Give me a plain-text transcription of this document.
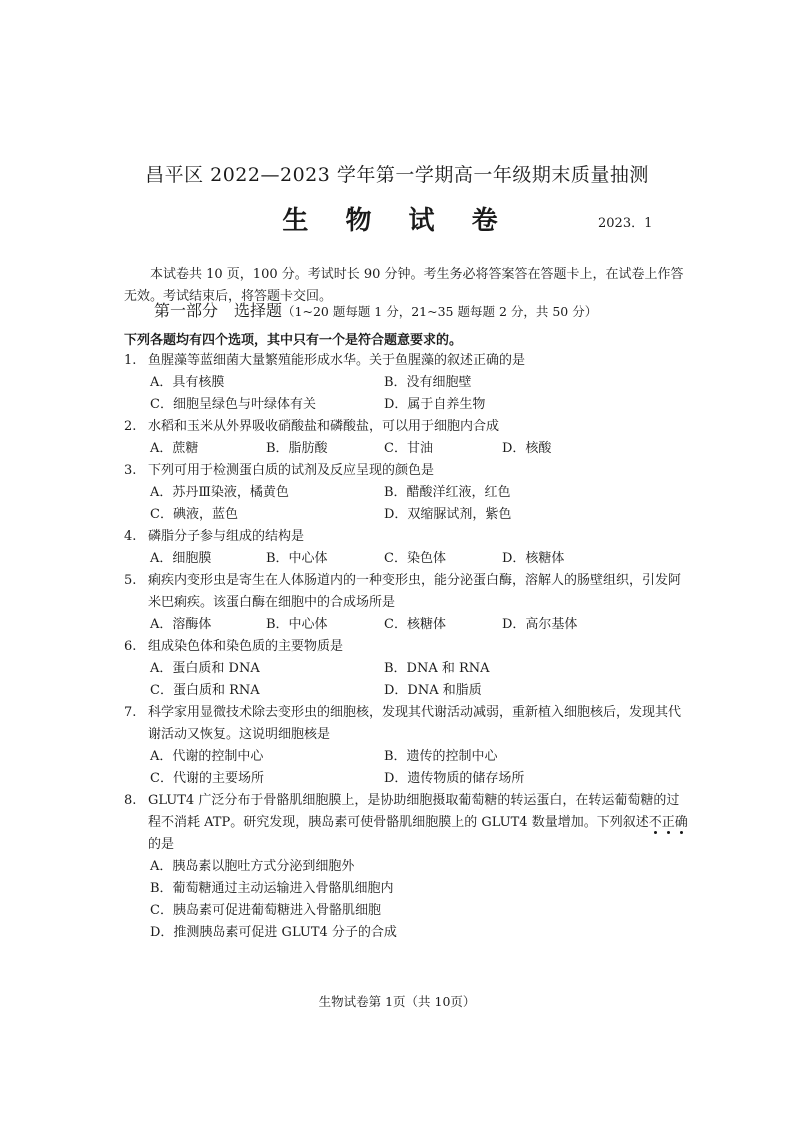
昌平区 2022—2023 学年第一学期高一年级期末质量抽测
生 物 试 卷	2023．1
本试卷共 10 页，100 分。考试时长 90 分钟。考生务必将答案答在答题卡上，在试卷上作答无效。考试结束后，将答题卡交回。
第一部分　选择题（1~20 题每题 1 分，21~35 题每题 2 分，共 50 分）
下列各题均有四个选项，其中只有一个是符合题意要求的。
1. 鱼腥藻等蓝细菌大量繁殖能形成水华。关于鱼腥藻的叙述正确的是
A．具有核膜	B．没有细胞壁
C．细胞呈绿色与叶绿体有关	D．属于自养生物
2. 水稻和玉米从外界吸收硝酸盐和磷酸盐，可以用于细胞内合成
A．蔗糖	B．脂肪酸	C．甘油	D．核酸
3. 下列可用于检测蛋白质的试剂及反应呈现的颜色是
A．苏丹Ⅲ染液，橘黄色	B．醋酸洋红液，红色
C．碘液，蓝色	D．双缩脲试剂，紫色
4. 磷脂分子参与组成的结构是
A．细胞膜	B．中心体	C．染色体	D．核糖体
5. 痢疾内变形虫是寄生在人体肠道内的一种变形虫，能分泌蛋白酶，溶解人的肠壁组织，引发阿米巴痢疾。该蛋白酶在细胞中的合成场所是
A．溶酶体	B．中心体	C．核糖体	D．高尔基体
6. 组成染色体和染色质的主要物质是
A．蛋白质和 DNA	B．DNA 和 RNA
C．蛋白质和 RNA	D．DNA 和脂质
7. 科学家用显微技术除去变形虫的细胞核，发现其代谢活动减弱，重新植入细胞核后，发现其代谢活动又恢复。这说明细胞核是
A．代谢的控制中心	B．遗传的控制中心
C．代谢的主要场所	D．遗传物质的储存场所
8. GLUT4 广泛分布于骨骼肌细胞膜上，是协助细胞摄取葡萄糖的转运蛋白，在转运葡萄糖的过程不消耗 ATP。研究发现，胰岛素可使骨骼肌细胞膜上的 GLUT4 数量增加。下列叙述不正确的是
A．胰岛素以胞吐方式分泌到细胞外
B．葡萄糖通过主动运输进入骨骼肌细胞内
C．胰岛素可促进葡萄糖进入骨骼肌细胞
D．推测胰岛素可促进 GLUT4 分子的合成
生物试卷第 1页（共 10页）
